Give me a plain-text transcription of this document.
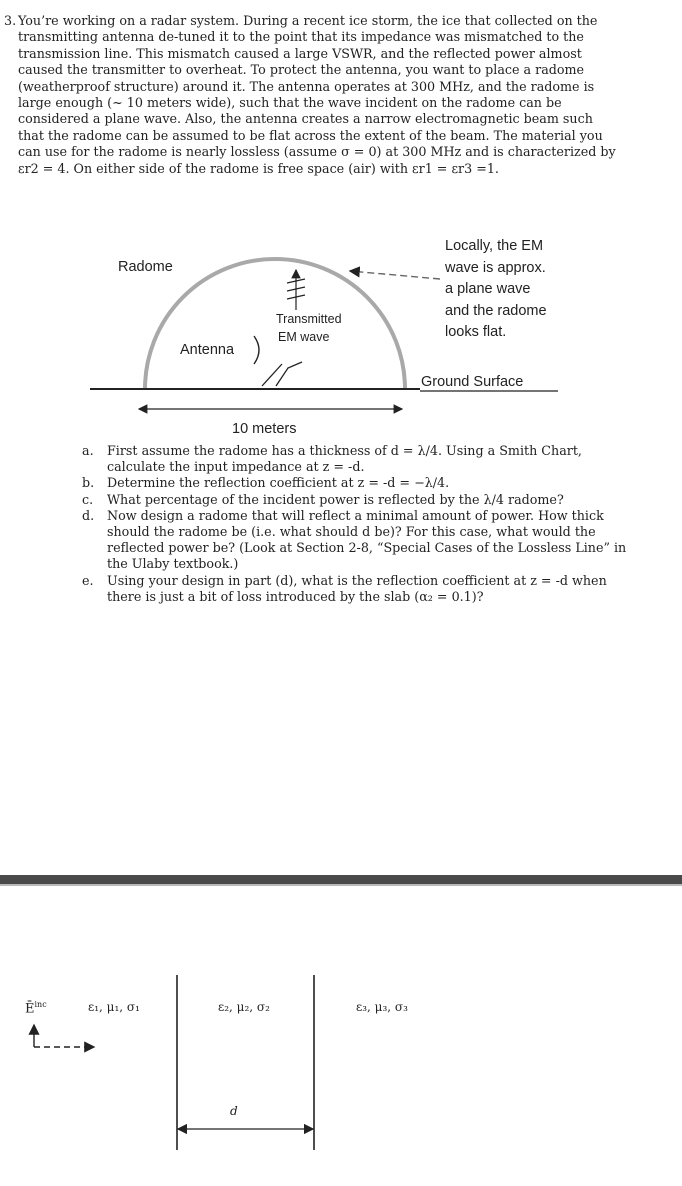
3. You’re working on a radar system. During a recent ice storm, the ice that collected on the transmitting antenna de-tuned it to the point that its impedance was mismatched to the transmission line. This mismatch caused a large VSWR, and the reflected power almost caused the transmitter to overheat. To protect the antenna, you want to place a radome (weatherproof structure) around it. The antenna operates at 300 MHz, and the radome is large enough (~ 10 meters wide), such that the wave incident on the radome can be considered a plane wave. Also, the antenna creates a narrow electromagnetic beam such that the radome can be assumed to be flat across the extent of the beam. The material you can use for the radome is nearly lossless (assume σ = 0) at 300 MHz and is characterized by εr2 = 4. On either side of the radome is free space (air) with εr1 = εr3 =1.
Radome
Transmitted
EM wave
Antenna
Locally, the EM
wave is approx.
a plane wave
and the radome
looks flat.
Ground Surface
10 meters
a. First assume the radome has a thickness of d = λ/4. Using a Smith Chart, calculate the input impedance at z = -d.
b. Determine the reflection coefficient at z = -d = −λ/4.
c. What percentage of the incident power is reflected by the λ/4 radome?
d. Now design a radome that will reflect a minimal amount of power. How thick should the radome be (i.e. what should d be)? For this case, what would the reflected power be? (Look at Section 2-8, “Special Cases of the Lossless Line” in the Ulaby textbook.)
e. Using your design in part (d), what is the reflection coefficient at z = -d when there is just a bit of loss introduced by the slab (α₂ = 0.1)?
$Ē^{inc}$	ε₁, μ₁, σ₁	ε₂, μ₂, σ₂	ε₃, μ₃, σ₃
d
